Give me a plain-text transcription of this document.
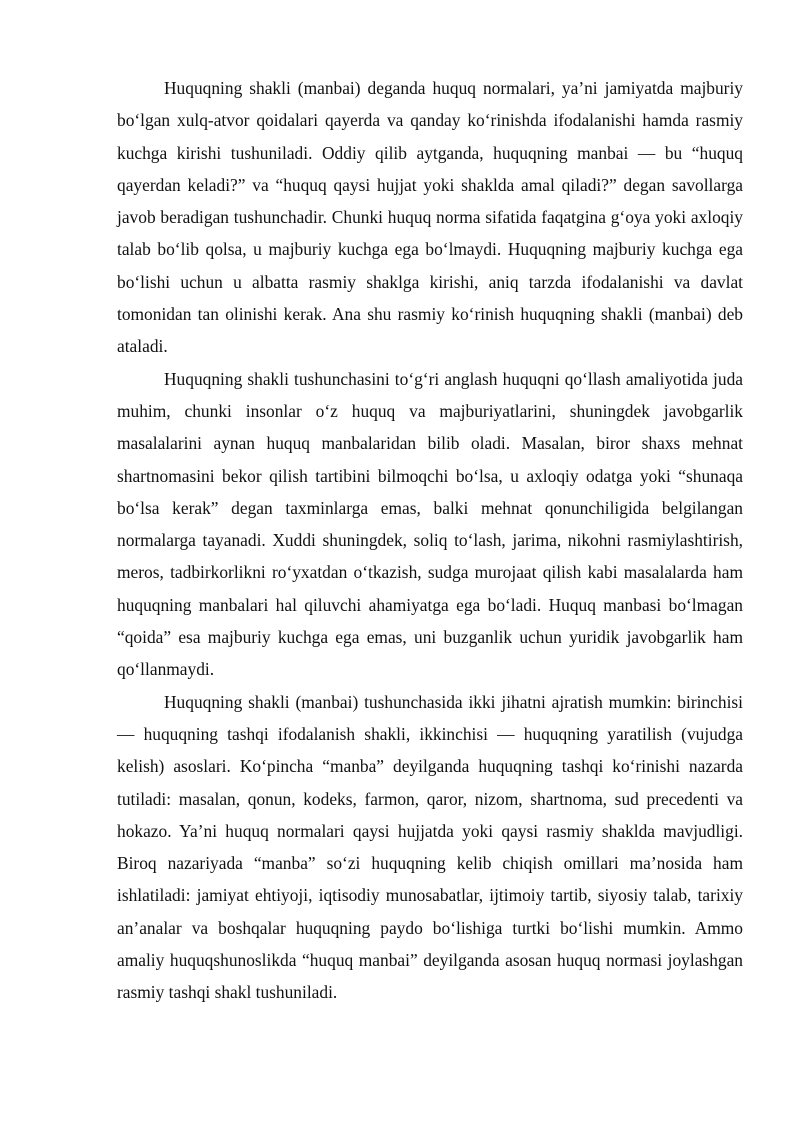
Huquqning shakli (manbai) deganda huquq normalari, ya’ni jamiyatda majburiy bo‘lgan xulq-atvor qoidalari qayerda va qanday ko‘rinishda ifodalanishi hamda rasmiy kuchga kirishi tushuniladi. Oddiy qilib aytganda, huquqning manbai — bu “huquq qayerdan keladi?” va “huquq qaysi hujjat yoki shaklda amal qiladi?” degan savollarga javob beradigan tushunchadir. Chunki huquq norma sifatida faqatgina g‘oya yoki axloqiy talab bo‘lib qolsa, u majburiy kuchga ega bo‘lmaydi. Huquqning majburiy kuchga ega bo‘lishi uchun u albatta rasmiy shaklga kirishi, aniq tarzda ifodalanishi va davlat tomonidan tan olinishi kerak. Ana shu rasmiy ko‘rinish huquqning shakli (manbai) deb ataladi.

Huquqning shakli tushunchasini to‘g‘ri anglash huquqni qo‘llash amaliyotida juda muhim, chunki insonlar o‘z huquq va majburiyatlarini, shuningdek javobgarlik masalalarini aynan huquq manbalaridan bilib oladi. Masalan, biror shaxs mehnat shartnomasini bekor qilish tartibini bilmoqchi bo‘lsa, u axloqiy odatga yoki “shunaqa bo‘lsa kerak” degan taxminlarga emas, balki mehnat qonunchiligida belgilangan normalarga tayanadi. Xuddi shuningdek, soliq to‘lash, jarima, nikohni rasmiylashtirish, meros, tadbirkorlikni ro‘yxatdan o‘tkazish, sudga murojaat qilish kabi masalalarda ham huquqning manbalari hal qiluvchi ahamiyatga ega bo‘ladi. Huquq manbasi bo‘lmagan “qoida” esa majburiy kuchga ega emas, uni buzganlik uchun yuridik javobgarlik ham qo‘llanmaydi.

Huquqning shakli (manbai) tushunchasida ikki jihatni ajratish mumkin: birinchisi — huquqning tashqi ifodalanish shakli, ikkinchisi — huquqning yaratilish (vujudga kelish) asoslari. Ko‘pincha “manba” deyilganda huquqning tashqi ko‘rinishi nazarda tutiladi: masalan, qonun, kodeks, farmon, qaror, nizom, shartnoma, sud precedenti va hokazo. Ya’ni huquq normalari qaysi hujjatda yoki qaysi rasmiy shaklda mavjudligi. Biroq nazariyada “manba” so‘zi huquqning kelib chiqish omillari ma’nosida ham ishlatiladi: jamiyat ehtiyoji, iqtisodiy munosabatlar, ijtimoiy tartib, siyosiy talab, tarixiy an’analar va boshqalar huquqning paydo bo‘lishiga turtki bo‘lishi mumkin. Ammo amaliy huquqshunoslikda “huquq manbai” deyilganda asosan huquq normasi joylashgan rasmiy tashqi shakl tushuniladi.
